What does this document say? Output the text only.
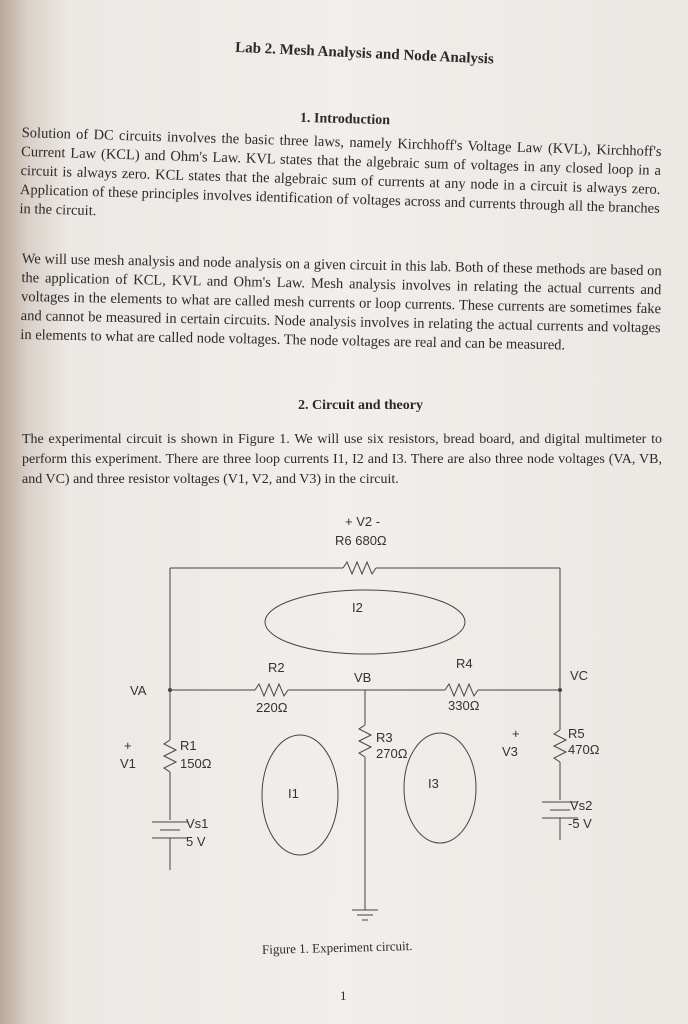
Lab 2. Mesh Analysis and Node Analysis
1. Introduction
Solution of DC circuits involves the basic three laws, namely Kirchhoff's Voltage Law (KVL), Kirchhoff's Current Law (KCL) and Ohm's Law. KVL states that the algebraic sum of voltages in any closed loop in a circuit is always zero. KCL states that the algebraic sum of currents at any node in a circuit is always zero. Application of these principles involves identification of voltages across and currents through all the branches in the circuit.
We will use mesh analysis and node analysis on a given circuit in this lab. Both of these methods are based on the application of KCL, KVL and Ohm's Law. Mesh analysis involves in relating the actual currents and voltages in the elements to what are called mesh currents or loop currents. These currents are sometimes fake and cannot be measured in certain circuits. Node analysis involves in relating the actual currents and voltages in elements to what are called node voltages. The node voltages are real and can be measured.
2. Circuit and theory
The experimental circuit is shown in Figure 1. We will use six resistors, bread board, and digital multimeter to perform this experiment. There are three loop currents I1, I2 and I3. There are also three node voltages (VA, VB, and VC) and three resistor voltages (V1, V2, and V3) in the circuit.
+ V2 -
R6 680Ω
I2
R2
220Ω
VB
R4
330Ω
VC
VA
+
V1
R1
150Ω
R3
270Ω
+
V3
R5
470Ω
I1
I3
Vs1
5 V
Vs2
-5 V
Figure 1. Experiment circuit.
1
